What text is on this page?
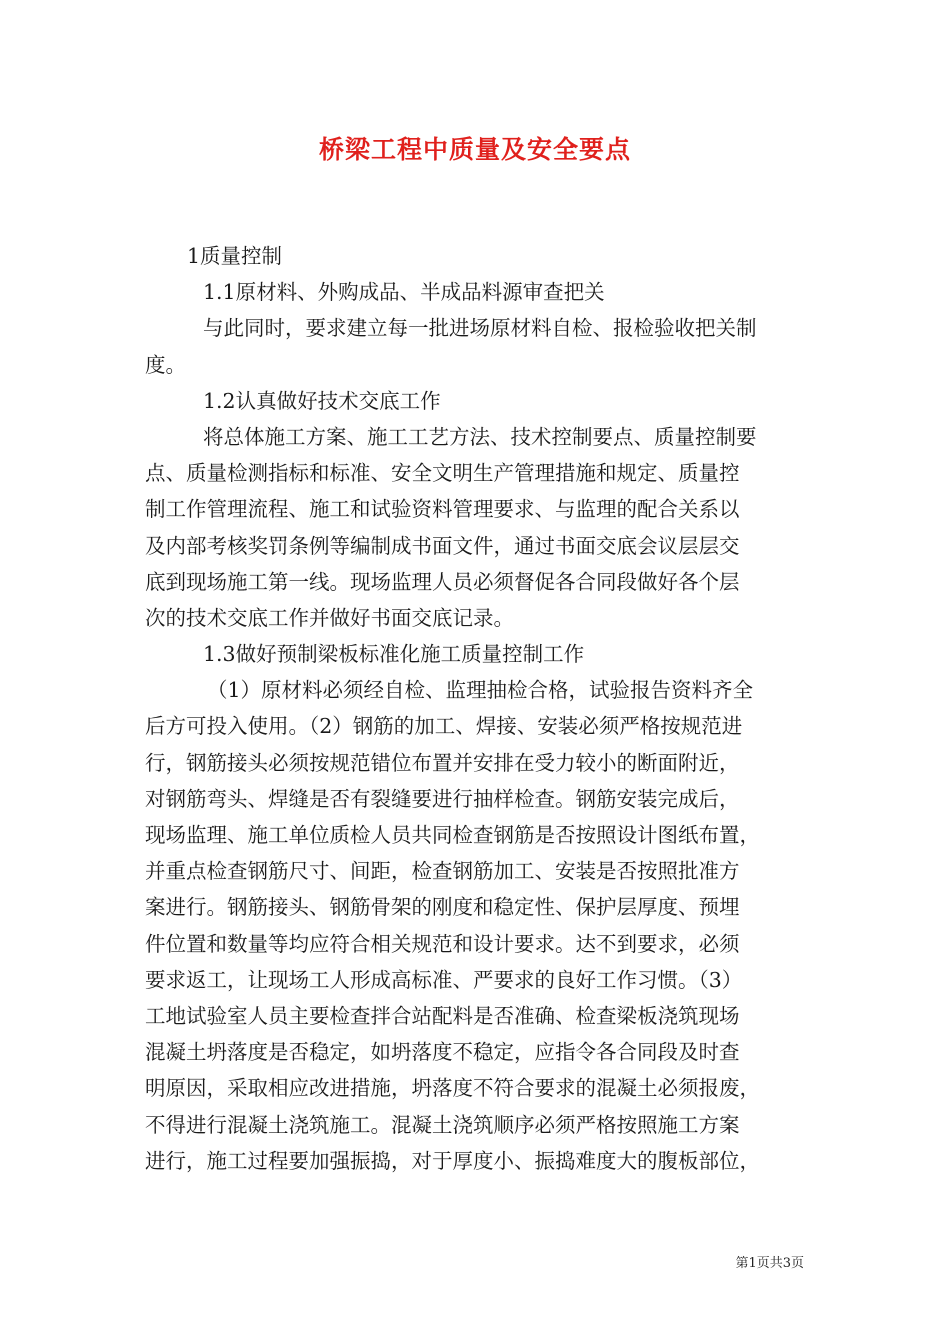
桥梁工程中质量及安全要点
1质量控制
1.1原材料、外购成品、半成品料源审查把关
与此同时，要求建立每一批进场原材料自检、报检验收把关制
度。
1.2认真做好技术交底工作
将总体施工方案、施工工艺方法、技术控制要点、质量控制要
点、质量检测指标和标准、安全文明生产管理措施和规定、质量控
制工作管理流程、施工和试验资料管理要求、与监理的配合关系以
及内部考核奖罚条例等编制成书面文件，通过书面交底会议层层交
底到现场施工第一线。现场监理人员必须督促各合同段做好各个层
次的技术交底工作并做好书面交底记录。
1.3做好预制梁板标准化施工质量控制工作
（1）原材料必须经自检、监理抽检合格，试验报告资料齐全
后方可投入使用。（2）钢筋的加工、焊接、安装必须严格按规范进
行，钢筋接头必须按规范错位布置并安排在受力较小的断面附近，
对钢筋弯头、焊缝是否有裂缝要进行抽样检查。钢筋安装完成后，
现场监理、施工单位质检人员共同检查钢筋是否按照设计图纸布置，
并重点检查钢筋尺寸、间距，检查钢筋加工、安装是否按照批准方
案进行。钢筋接头、钢筋骨架的刚度和稳定性、保护层厚度、预埋
件位置和数量等均应符合相关规范和设计要求。达不到要求，必须
要求返工，让现场工人形成高标准、严要求的良好工作习惯。（3）
工地试验室人员主要检查拌合站配料是否准确、检查梁板浇筑现场
混凝土坍落度是否稳定，如坍落度不稳定，应指令各合同段及时查
明原因，采取相应改进措施，坍落度不符合要求的混凝土必须报废，
不得进行混凝土浇筑施工。混凝土浇筑顺序必须严格按照施工方案
进行，施工过程要加强振捣，对于厚度小、振捣难度大的腹板部位，
第1页共3页
